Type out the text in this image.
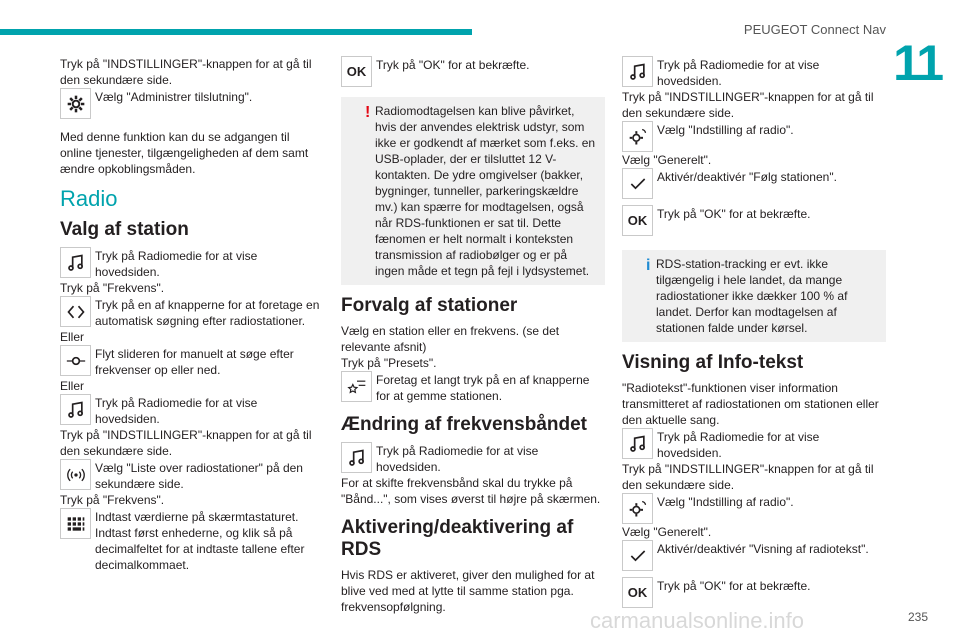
PEUGEOT Connect Nav
11
carmanualsonline.info	235

Tryk på "INDSTILLINGER"-knappen for at gå til den sekundære side.

Vælg "Administrer tilslutning".

Med denne funktion kan du se adgangen til online tjenester, tilgængeligheden af dem samt ændre opkoblingsmåden.

Radio
Valg af station
Tryk på Radiomedie for at vise hovedsiden.

Tryk på "Frekvens".

Tryk på en af knapperne for at foretage en automatisk søgning efter radiostationer.

Eller

Flyt slideren for manuelt at søge efter frekvenser op eller ned.

Eller

Tryk på Radiomedie for at vise hovedsiden.

Tryk på "INDSTILLINGER"-knappen for at gå til den sekundære side.

Vælg "Liste over radiostationer" på den sekundære side.

Tryk på "Frekvens".

Indtast værdierne på skærmtastaturet. Indtast først enhederne, og klik så på decimalfeltet for at indtaste tallene efter decimalkommaet.
OK Tryk på "OK" for at bekræfte.
! Radiomodtagelsen kan blive påvirket, hvis der anvendes elektrisk udstyr, som ikke er godkendt af mærket som f.eks. en USB-oplader, der er tilsluttet 12 V-kontakten. De ydre omgivelser (bakker, bygninger, tunneller, parkeringskældre mv.) kan spærre for modtagelsen, også når RDS-funktionen er sat til. Dette fænomen er helt normalt i konteksten transmission af radiobølger og er på ingen måde et tegn på fejl i lydsystemet.
Forvalg af stationer

Vælg en station eller en frekvens. (se det relevante afsnit)

Tryk på "Presets".

Foretag et langt tryk på en af knapperne for at gemme stationen.
Ændring af frekvensbåndet
Tryk på Radiomedie for at vise hovedsiden.

For at skifte frekvensbånd skal du trykke på "Bånd...", som vises øverst til højre på skærmen.

Aktivering/deaktivering af RDS

Hvis RDS er aktiveret, giver den mulighed for at blive ved med at lytte til samme station pga. frekvensopfølgning.

Tryk på Radiomedie for at vise hovedsiden.

Tryk på "INDSTILLINGER"-knappen for at gå til den sekundære side.

Vælg "Indstilling af radio".

Vælg "Generelt".

Aktivér/deaktivér "Følg stationen".
OK Tryk på "OK" for at bekræfte.
i RDS-station-tracking er evt. ikke tilgængelig i hele landet, da mange radiostationer ikke dækker 100 % af landet. Derfor kan modtagelsen af stationen falde under kørsel.
Visning af Info-tekst

"Radiotekst"-funktionen viser information transmitteret af radiostationen om stationen eller den aktuelle sang.

Tryk på Radiomedie for at vise hovedsiden.

Tryk på "INDSTILLINGER"-knappen for at gå til den sekundære side.

Vælg "Indstilling af radio".

Vælg "Generelt".

Aktivér/deaktivér "Visning af radiotekst".
OK Tryk på "OK" for at bekræfte.
